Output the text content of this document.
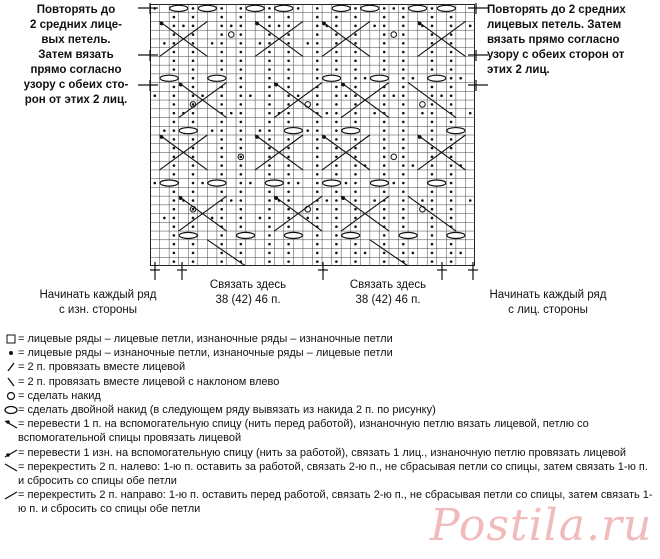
Повторять до
2 средних лице-
вых петель.
Затем вязать
прямо согласно
узору с обеих сто-
рон от этих 2 лиц.
Повторять до 2 средних
лицевых петель. Затем
вязать прямо согласно
узору с обеих сторон от
этих 2 лиц.
Начинать каждый ряд
с изн. стороны
Связать здесь
38 (42) 46 п.
Связать здесь
38 (42) 46 п.	Начинать каждый ряд
с лиц. стороны
= лицевые ряды – лицевые петли, изнаночные ряды – изнаночные петли
= лицевые ряды – изнаночные петли, изнаночные ряды – лицевые петли
= 2 п. провязать вместе лицевой
= 2 п. провязать вместе лицевой с наклоном влево
= сделать накид
= сделать двойной накид (в следующем ряду вывязать из накида 2 п. по рисунку)
= перевести 1 п. на вспомогательную спицу (нить перед работой), изнаночную петлю вязать лицевой, петлю со вспомогательной спицы провязать лицевой
= перевести 1 изн. на вспомогательную спицу (нить за работой), связать 1 лиц., изнаночную петлю провязать лицевой
= перекрестить 2 п. налево: 1-ю п. оставить за работой, связать 2-ю п., не сбрасывая петли со спицы, затем связать 1-ю п. и сбросить со спицы обе петли
= перекрестить 2 п. направо: 1-ю п. оставить перед работой, связать 2-ю п., не сбрасывая петли со спицы, затем связать 1-ю п. и сбросить со спицы обе петли	Postila.ru
